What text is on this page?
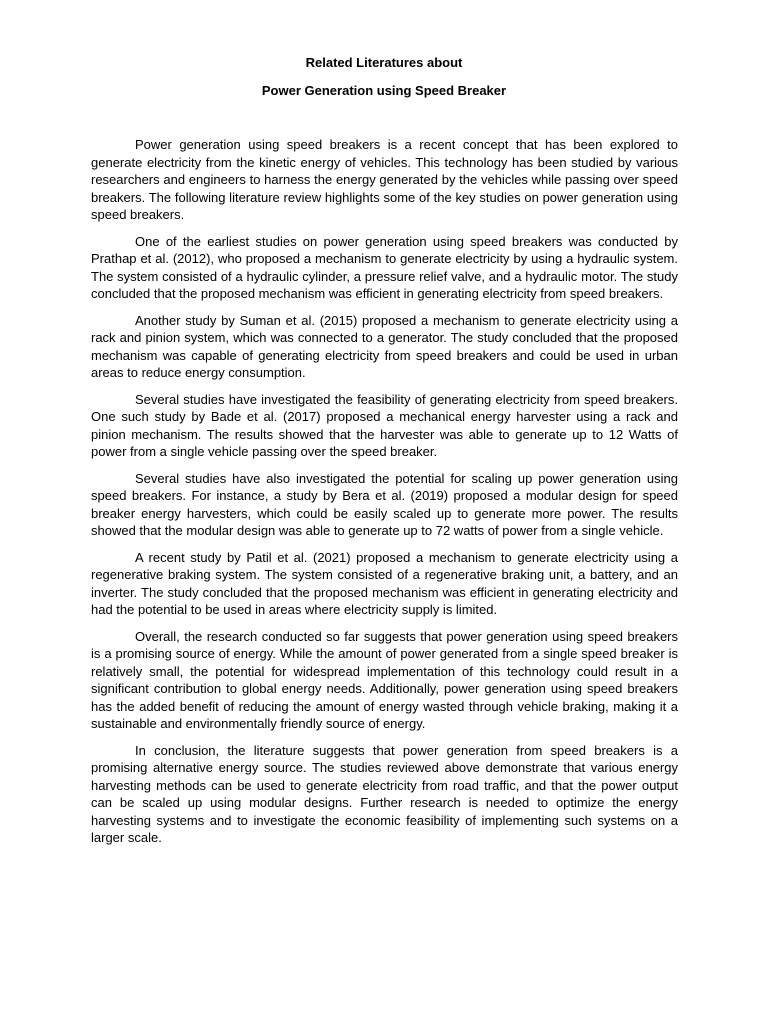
Related Literatures about
Power Generation using Speed Breaker

Power generation using speed breakers is a recent concept that has been explored to generate electricity from the kinetic energy of vehicles. This technology has been studied by various researchers and engineers to harness the energy generated by the vehicles while passing over speed breakers. The following literature review highlights some of the key studies on power generation using speed breakers.

One of the earliest studies on power generation using speed breakers was conducted by Prathap et al. (2012), who proposed a mechanism to generate electricity by using a hydraulic system. The system consisted of a hydraulic cylinder, a pressure relief valve, and a hydraulic motor. The study concluded that the proposed mechanism was efficient in generating electricity from speed breakers.

Another study by Suman et al. (2015) proposed a mechanism to generate electricity using a rack and pinion system, which was connected to a generator. The study concluded that the proposed mechanism was capable of generating electricity from speed breakers and could be used in urban areas to reduce energy consumption.

Several studies have investigated the feasibility of generating electricity from speed breakers. One such study by Bade et al. (2017) proposed a mechanical energy harvester using a rack and pinion mechanism. The results showed that the harvester was able to generate up to 12 Watts of power from a single vehicle passing over the speed breaker.

Several studies have also investigated the potential for scaling up power generation using speed breakers. For instance, a study by Bera et al. (2019) proposed a modular design for speed breaker energy harvesters, which could be easily scaled up to generate more power. The results showed that the modular design was able to generate up to 72 watts of power from a single vehicle.

A recent study by Patil et al. (2021) proposed a mechanism to generate electricity using a regenerative braking system. The system consisted of a regenerative braking unit, a battery, and an inverter. The study concluded that the proposed mechanism was efficient in generating electricity and had the potential to be used in areas where electricity supply is limited.

Overall, the research conducted so far suggests that power generation using speed breakers is a promising source of energy. While the amount of power generated from a single speed breaker is relatively small, the potential for widespread implementation of this technology could result in a significant contribution to global energy needs. Additionally, power generation using speed breakers has the added benefit of reducing the amount of energy wasted through vehicle braking, making it a sustainable and environmentally friendly source of energy.

In conclusion, the literature suggests that power generation from speed breakers is a promising alternative energy source. The studies reviewed above demonstrate that various energy harvesting methods can be used to generate electricity from road traffic, and that the power output can be scaled up using modular designs. Further research is needed to optimize the energy harvesting systems and to investigate the economic feasibility of implementing such systems on a larger scale.
